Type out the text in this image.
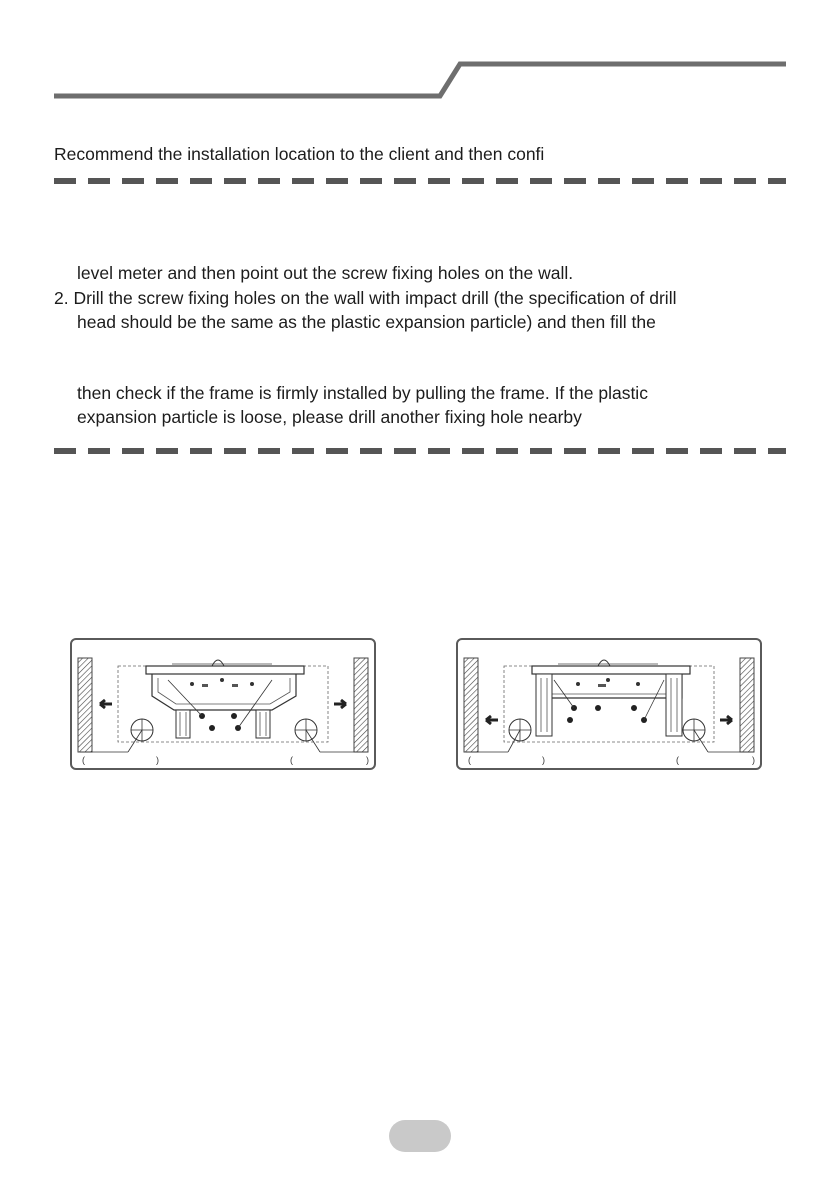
Recommend the installation location to the client and then confi
level meter and then point out the screw fixing holes on the wall.
2. Drill the screw fixing holes on the wall with impact drill (the specification of drill
head should be the same as the plastic expansion particle) and then fill the
then check if the frame is firmly installed by pulling the frame. If the plastic
expansion particle is loose, please drill another fixing hole nearby
(	)	(	)	(	)	(	)
